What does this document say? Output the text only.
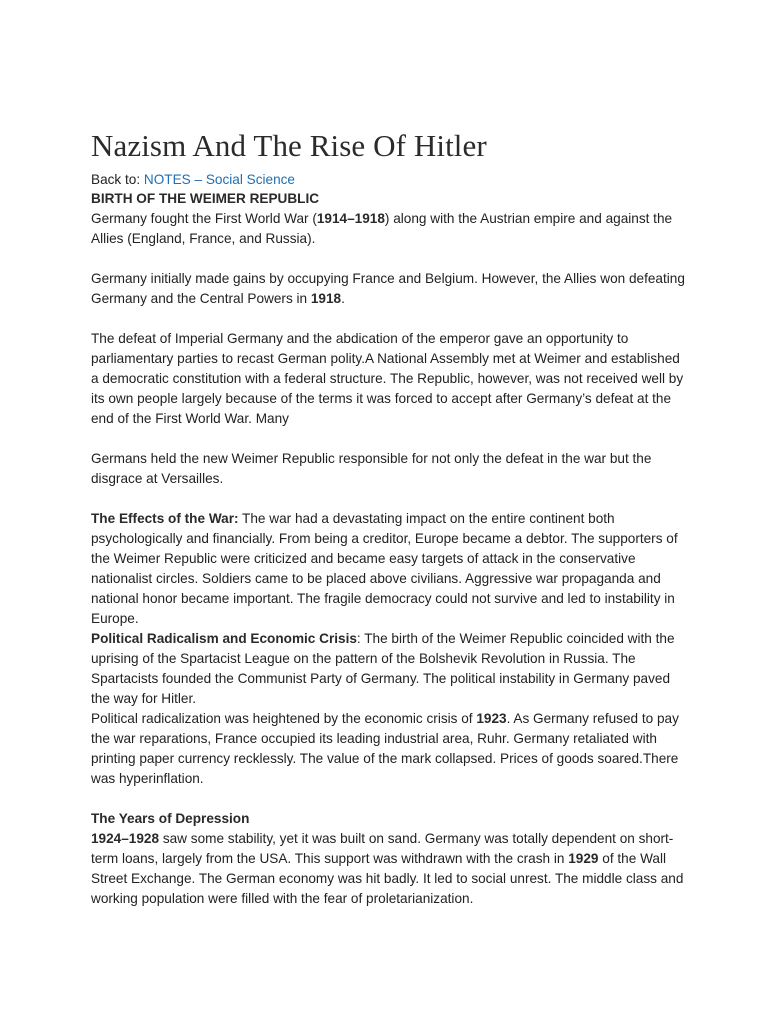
Nazism And The Rise Of Hitler

Back to: NOTES – Social Science

BIRTH OF THE WEIMER REPUBLIC

Germany fought the First World War (1914–1918) along with the Austrian empire and against the Allies (England, France, and Russia).

Germany initially made gains by occupying France and Belgium. However, the Allies won defeating Germany and the Central Powers in 1918.

The defeat of Imperial Germany and the abdication of the emperor gave an opportunity to parliamentary parties to recast German polity.A National Assembly met at Weimer and established a democratic constitution with a federal structure. The Republic, however, was not received well by its own people largely because of the terms it was forced to accept after Germany’s defeat at the end of the First World War. Many

Germans held the new Weimer Republic responsible for not only the defeat in the war but the disgrace at Versailles.

The Effects of the War: The war had a devastating impact on the entire continent both psychologically and financially. From being a creditor, Europe became a debtor. The supporters of the Weimer Republic were criticized and became easy targets of attack in the conservative nationalist circles. Soldiers came to be placed above civilians. Aggressive war propaganda and national honor became important. The fragile democracy could not survive and led to instability in Europe.

Political Radicalism and Economic Crisis: The birth of the Weimer Republic coincided with the uprising of the Spartacist League on the pattern of the Bolshevik Revolution in Russia. The Spartacists founded the Communist Party of Germany. The political instability in Germany paved the way for Hitler.

Political radicalization was heightened by the economic crisis of 1923. As Germany refused to pay the war reparations, France occupied its leading industrial area, Ruhr. Germany retaliated with printing paper currency recklessly. The value of the mark collapsed. Prices of goods soared.There was hyperinflation.

The Years of Depression

1924–1928 saw some stability, yet it was built on sand. Germany was totally dependent on short-term loans, largely from the USA. This support was withdrawn with the crash in 1929 of the Wall Street Exchange. The German economy was hit badly. It led to social unrest. The middle class and working population were filled with the fear of proletarianization.
